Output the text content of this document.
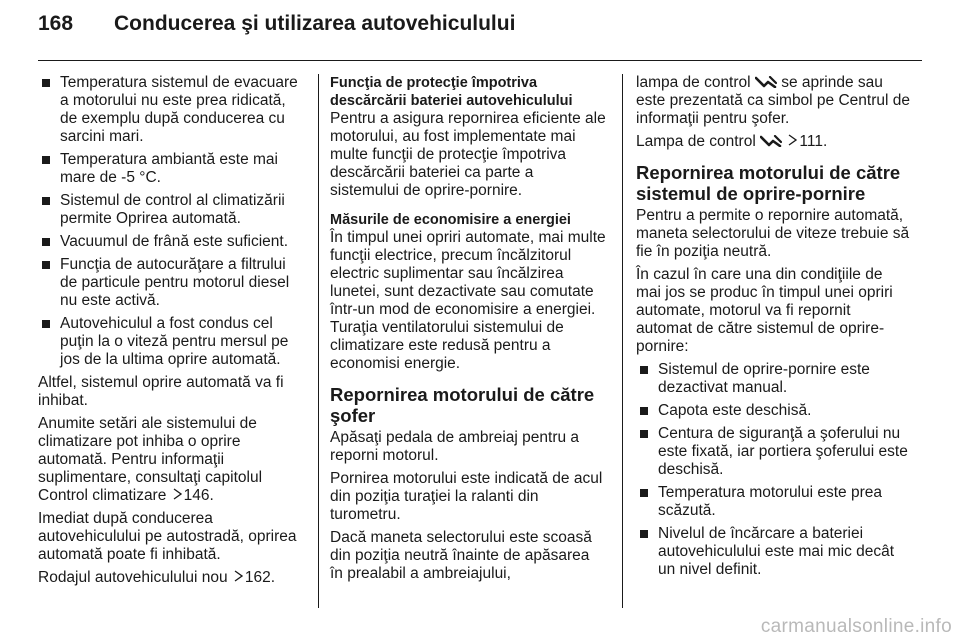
168 Conducerea şi utilizarea autovehiculului
Temperatura sistemul de evacuare a motorului nu este prea ridicată, de exemplu după conducerea cu sarcini mari.
Temperatura ambiantă este mai mare de -5 °C.
Sistemul de control al climatizării permite Oprirea automată.
Vacuumul de frână este suficient.
Funcţia de autocurăţare a filtrului de particule pentru motorul diesel nu este activă.
Autovehiculul a fost condus cel puţin la o viteză pentru mersul pe jos de la ultima oprire automată.

Altfel, sistemul oprire automată va fi inhibat.

Anumite setări ale sistemului de climatizare pot inhiba o oprire automată. Pentru informaţii suplimentare, consultaţi capitolul Control climatizare 146.

Imediat după conducerea autovehiculului pe autostradă, oprirea automată poate fi inhibată.

Rodajul autovehiculului nou 162.

Funcţia de protecţie împotriva descărcării bateriei autovehiculului

Pentru a asigura repornirea eficiente ale motorului, au fost implementate mai multe funcţii de protecţie împotriva descărcării bateriei ca parte a sistemului de oprire-pornire.

Măsurile de economisire a energiei

În timpul unei opriri automate, mai multe funcţii electrice, precum încălzitorul electric suplimentar sau încălzirea lunetei, sunt dezactivate sau comutate într-un mod de economisire a energiei. Turaţia ventilatorului sistemului de climatizare este redusă pentru a economisi energie.

Repornirea motorului de către şofer

Apăsaţi pedala de ambreiaj pentru a reporni motorul.

Pornirea motorului este indicată de acul din poziţia turaţiei la ralanti din turometru.

Dacă maneta selectorului este scoasă din poziţia neutră înainte de apăsarea în prealabil a ambreiajului,

lampa de control se aprinde sau este prezentată ca simbol pe Centrul de informaţii pentru şofer.

Lampa de control	111.

Repornirea motorului de către sistemul de oprire-pornire

Pentru a permite o repornire automată, maneta selectorului de viteze trebuie să fie în poziţia neutră.

În cazul în care una din condiţiile de mai jos se produc în timpul unei opriri automate, motorul va fi repornit automat de către sistemul de oprire-pornire:

Sistemul de oprire-pornire este dezactivat manual.
Capota este deschisă.
Centura de siguranţă a şoferului nu este fixată, iar portiera şoferului este deschisă.
Temperatura motorului este prea scăzută.
Nivelul de încărcare a bateriei autovehiculului este mai mic decât un nivel definit.
carmanualsonline.info
